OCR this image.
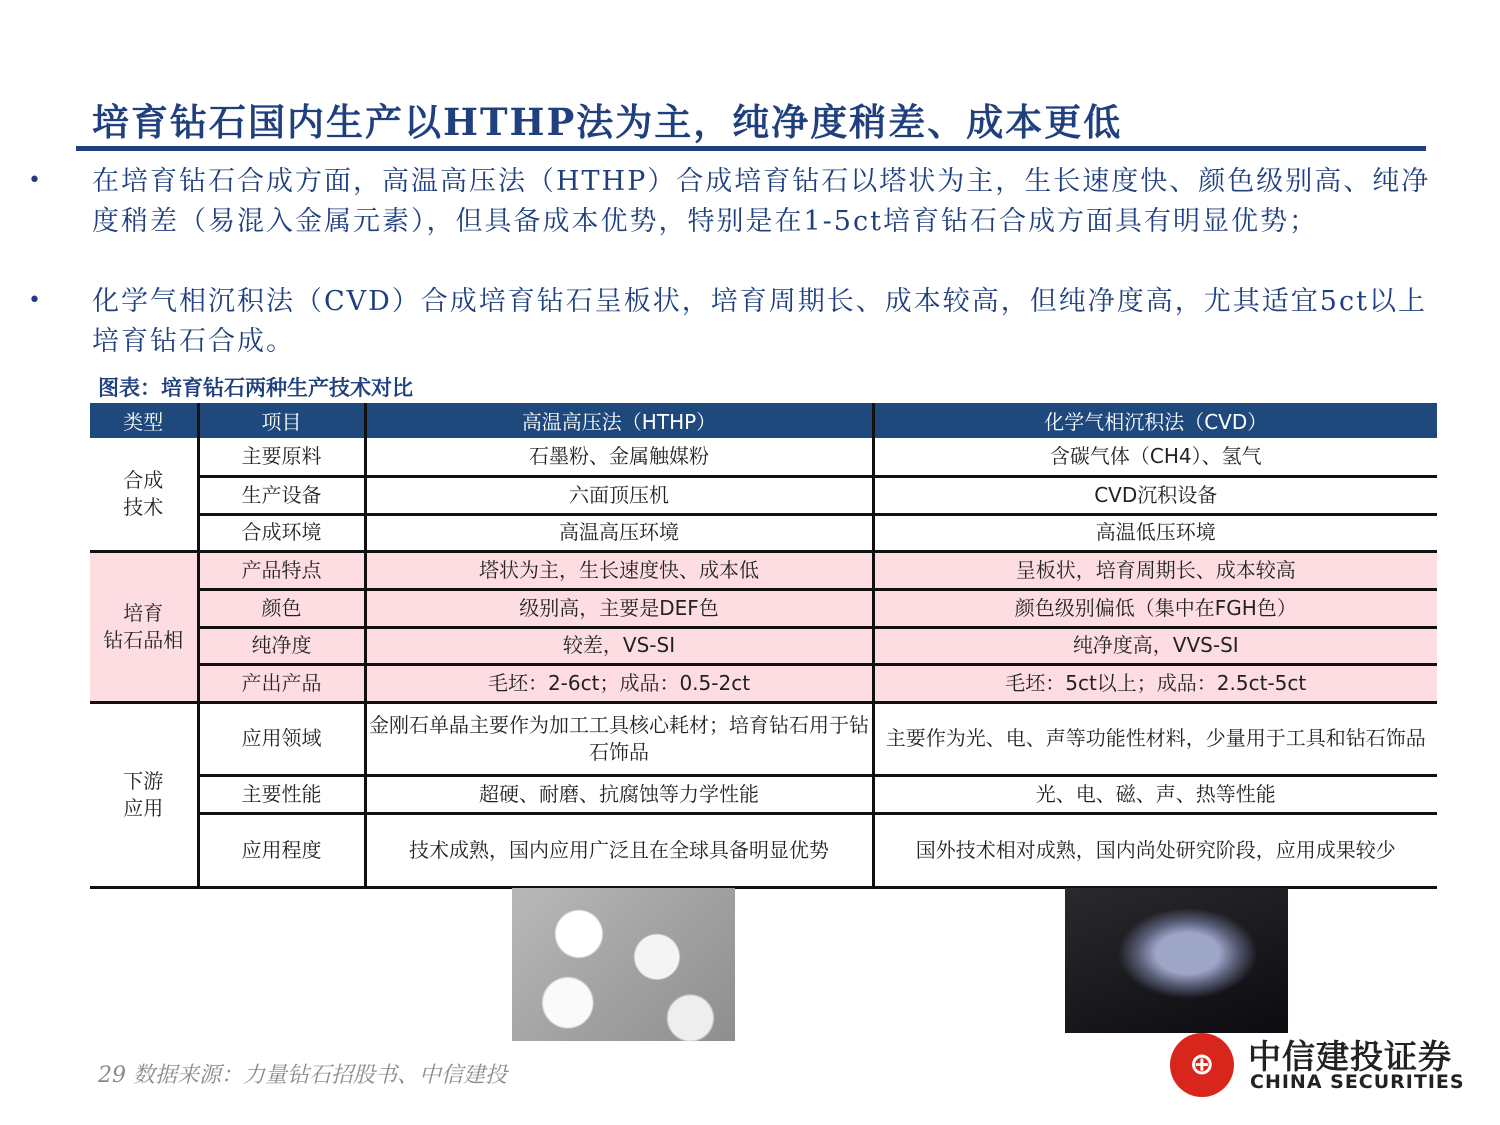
培育钻石国内生产以HTHP法为主，纯净度稍差、成本更低
• 在培育钻石合成方面，高温高压法（HTHP）合成培育钻石以塔状为主，生长速度快、颜色级别高、纯净度稍差（易混入金属元素），但具备成本优势，特别是在1-5ct培育钻石合成方面具有明显优势；
• 化学气相沉积法（CVD）合成培育钻石呈板状，培育周期长、成本较高，但纯净度高，尤其适宜5ct以上培育钻石合成。
图表：培育钻石两种生产技术对比
类型	项目	高温高压法（HTHP）	化学气相沉积法（CVD）
合成
技术	主要原料	石墨粉、金属触媒粉	含碳气体（CH4）、氢气
	生产设备	六面顶压机	CVD沉积设备
	合成环境	高温高压环境	高温低压环境
培育
钻石品相	产品特点	塔状为主，生长速度快、成本低	呈板状，培育周期长、成本较高
	颜色	级别高，主要是DEF色	颜色级别偏低（集中在FGH色）
	纯净度	较差，VS-SI	纯净度高，VVS-SI
	产出产品	毛坯：2-6ct；成品：0.5-2ct	毛坯：5ct以上；成品：2.5ct-5ct
下游
应用	应用领域	金刚石单晶主要作为加工工具核心耗材；培育钻石用于钻石饰品	主要作为光、电、声等功能性材料，少量用于工具和钻石饰品
	主要性能	超硬、耐磨、抗腐蚀等力学性能	光、电、磁、声、热等性能
	应用程度	技术成熟，国内应用广泛且在全球具备明显优势	国外技术相对成熟，国内尚处研究阶段，应用成果较少
29 数据来源：力量钻石招股书、中信建投	⊕	中信建投证券
CHINA SECURITIES
